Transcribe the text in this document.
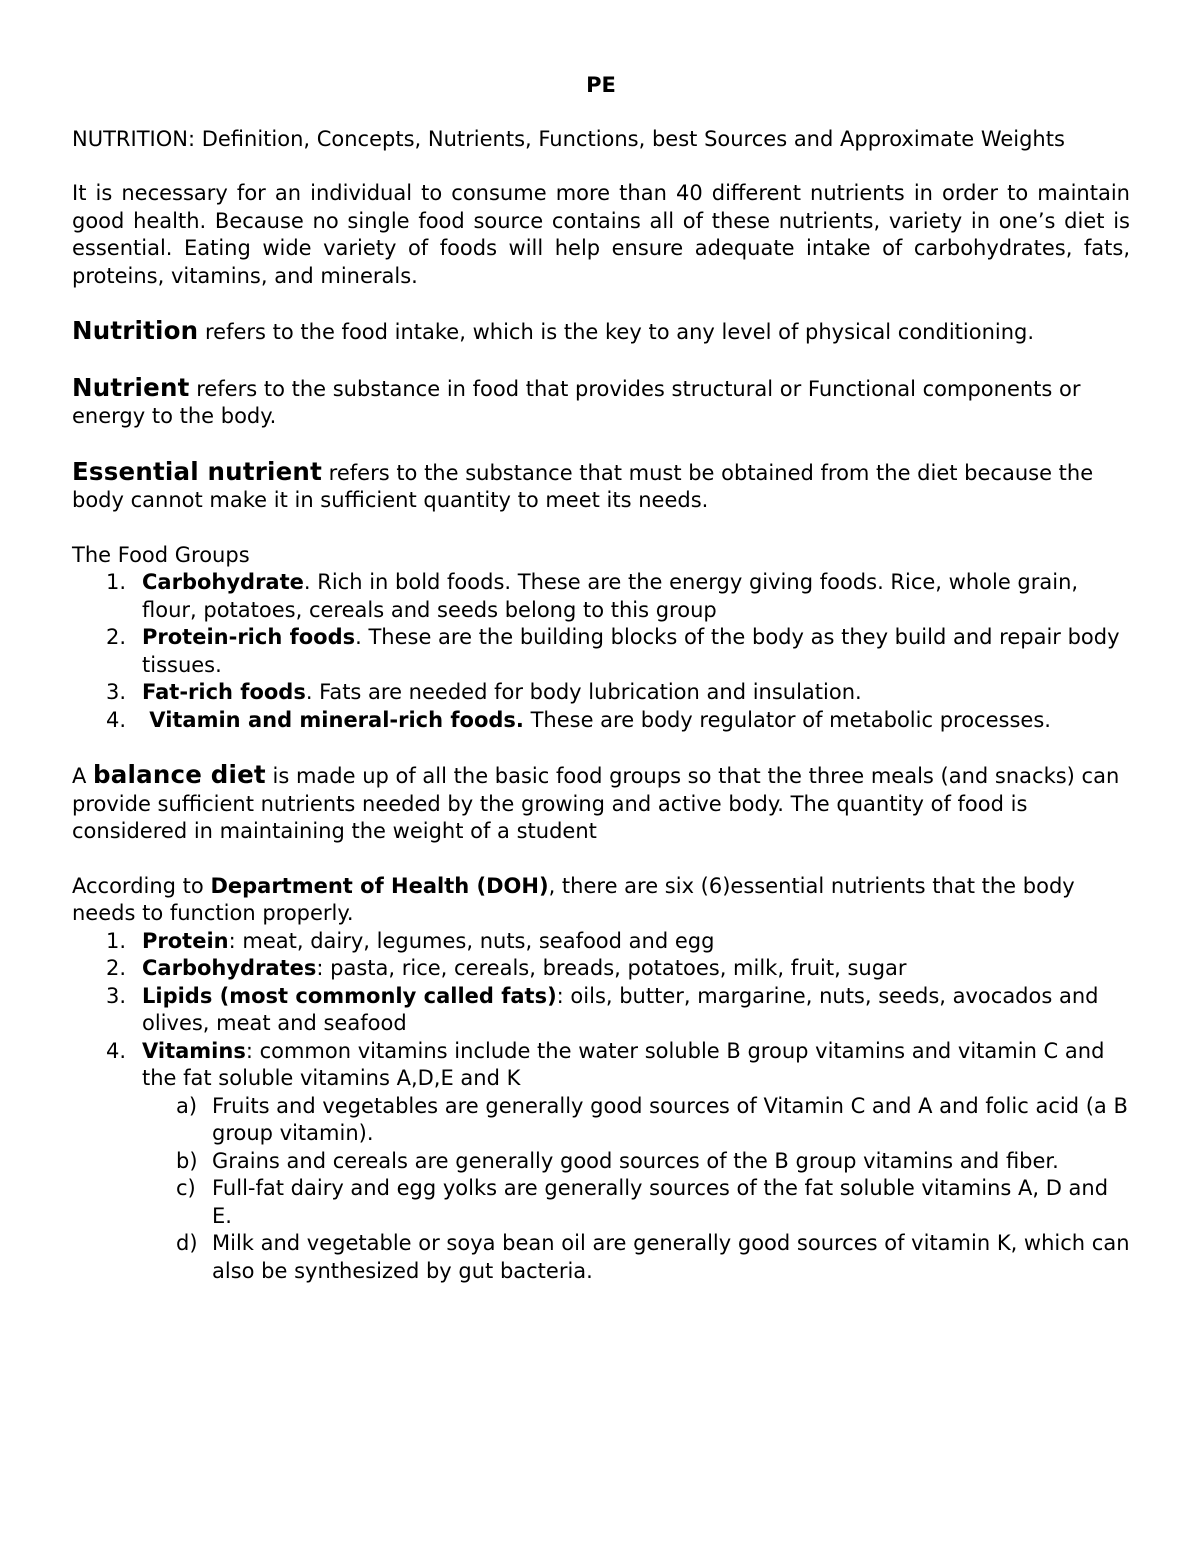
PE

NUTRITION: Definition, Concepts, Nutrients, Functions, best Sources and Approximate Weights

It is necessary for an individual to consume more than 40 different nutrients in order to maintain good health. Because no single food source contains all of these nutrients, variety in one’s diet is essential. Eating wide variety of foods will help ensure adequate intake of carbohydrates, fats, proteins, vitamins, and minerals.

Nutrition refers to the food intake, which is the key to any level of physical conditioning.

Nutrient refers to the substance in food that provides structural or Functional components or energy to the body.

Essential nutrient refers to the substance that must be obtained from the diet because the body cannot make it in sufficient quantity to meet its needs.

The Food Groups

1. Carbohydrate. Rich in bold foods. These are the energy giving foods. Rice, whole grain, flour, potatoes, cereals and seeds belong to this group
2. Protein-rich foods. These are the building blocks of the body as they build and repair body tissues.
3. Fat-rich foods. Fats are needed for body lubrication and insulation.
4. Vitamin and mineral-rich foods. These are body regulator of metabolic processes.

A balance diet is made up of all the basic food groups so that the three meals (and snacks) can provide sufficient nutrients needed by the growing and active body. The quantity of food is considered in maintaining the weight of a student

According to Department of Health (DOH), there are six (6)essential nutrients that the body needs to function properly.

1. Protein: meat, dairy, legumes, nuts, seafood and egg
2. Carbohydrates: pasta, rice, cereals, breads, potatoes, milk, fruit, sugar
3. Lipids (most commonly called fats): oils, butter, margarine, nuts, seeds, avocados and olives, meat and seafood
4. Vitamins: common vitamins include the water soluble B group vitamins and vitamin C and the fat soluble vitamins A,D,E and K
a) Fruits and vegetables are generally good sources of Vitamin C and A and folic acid (a B group vitamin).
b) Grains and cereals are generally good sources of the B group vitamins and fiber.
c) Full-fat dairy and egg yolks are generally sources of the fat soluble vitamins A, D and E.
d) Milk and vegetable or soya bean oil are generally good sources of vitamin K, which can also be synthesized by gut bacteria.
